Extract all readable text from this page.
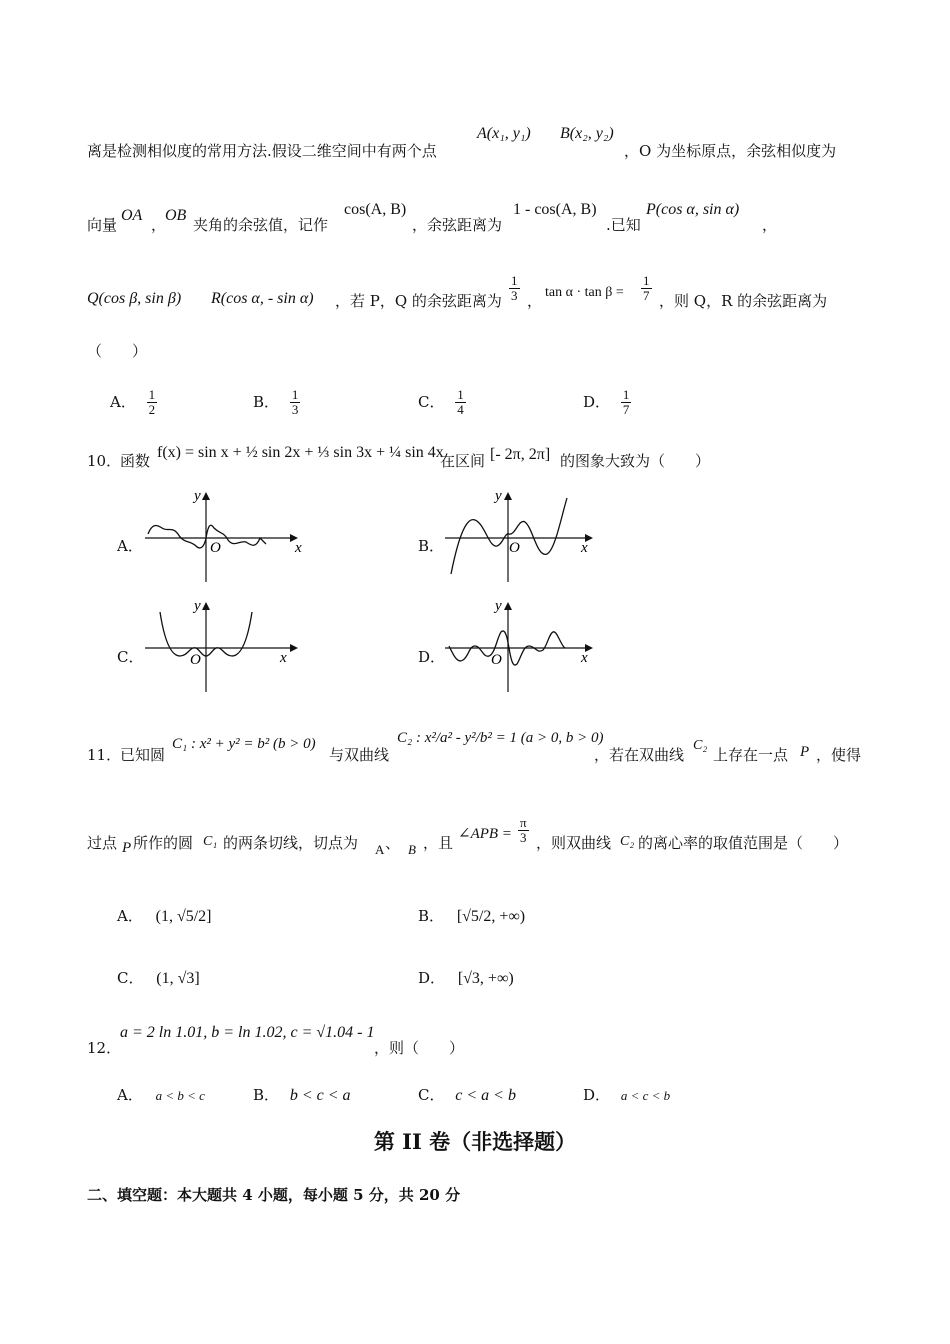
离是检测相似度的常用方法.假设二维空间中有两个点
A(x₁, y₁) B(x₂, y₂)
，O 为坐标原点，余弦相似度为
向量
OA
，
OB
夹角的余弦值，记作
cos(A, B)
，余弦距离为
1 - cos(A, B)
.已知
P(cos α, sin α)
，
Q(cos β, sin β) R(cos α, - sin α) ，若 P，Q 的余弦距离为 $\frac{1}{3}$ ， $\tan \alpha \cdot \tan \beta = \frac{1}{7}$ ，则 Q，R 的余弦距离为
（　　）
A． $\frac{1}{2}$	B． $\frac{1}{3}$	C． $\frac{1}{4}$	D． $\frac{1}{7}$
10．
函数 f(x) = sin x + ½ sin 2x + ⅓ sin 3x + ¼ sin 4x
在区间 [- 2π, 2π] 的图象大致为（　　）
A．	x
y
O	B．	x
y
O
C．	x
y
O	D．	x
y
O
11．
已知圆
C₁ : x² + y² = b² (b > 0)
与双曲线
C₂ : x²/a² - y²/b² = 1 (a > 0, b > 0)
，若在双曲线
C₂
上存在一点 P ，使得
过点 P 所作的圆 C₁ 的两条切线，切点为 A 、 B ，且 ∠APB = $\frac{\pi}{3}$ ，则双曲线 C₂ 的离心率的取值范围是（　　）
A． (1, √5/2]	B． [√5/2, +∞)
C． (1, √3]	D． [√3, +∞)
12．
a = 2 ln 1.01, b = ln 1.02, c = √1.04 - 1
，则（　　）
A． a < b < c	B． b < c < a	C． c < a < b	D． a < c < b
第 II 卷（非选择题）
二、填空题：本大题共 4 小题，每小题 5 分，共 20 分
